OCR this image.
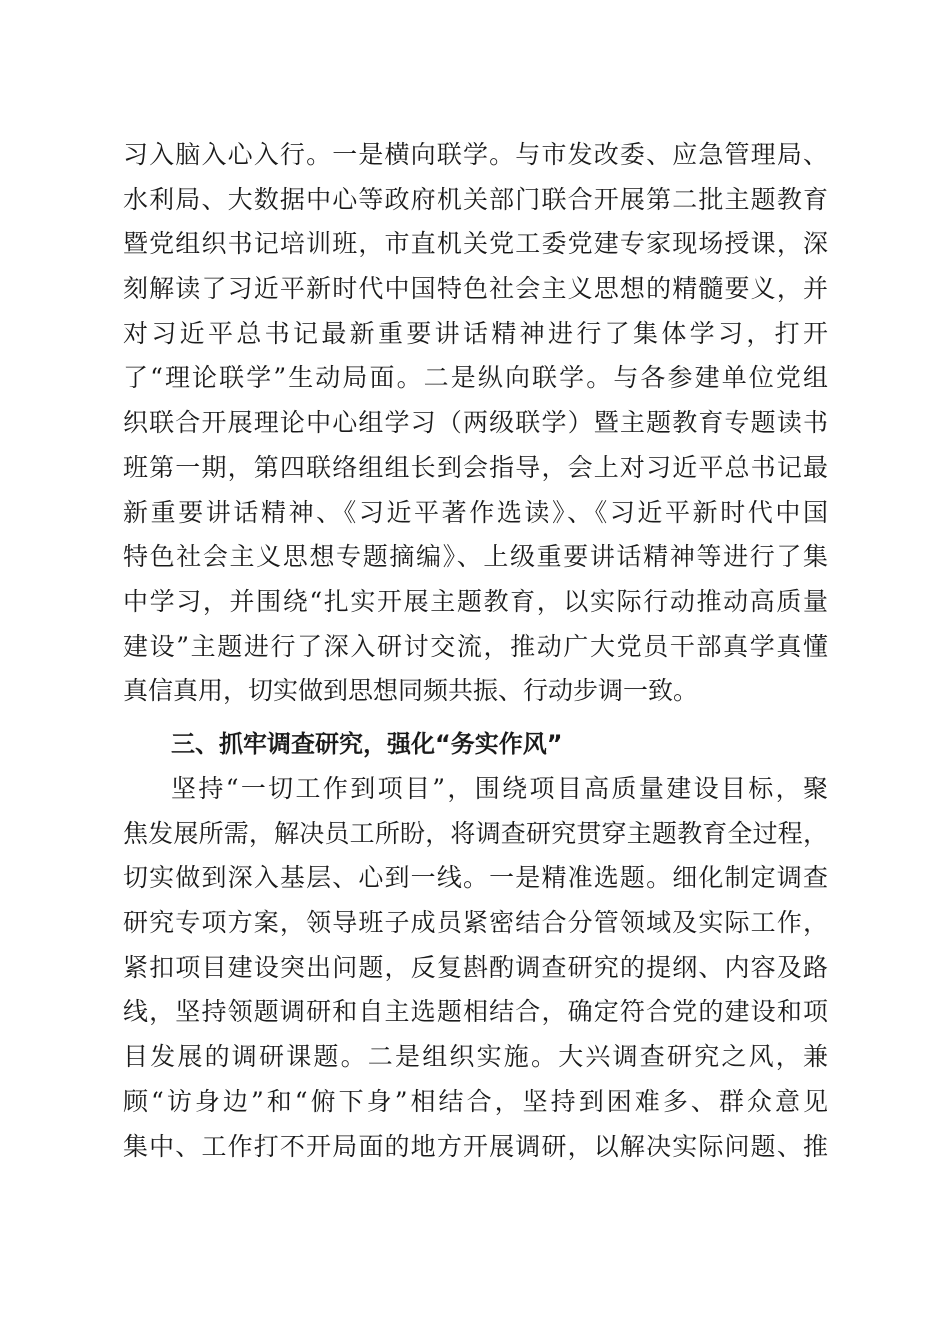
习入脑入心入行。一是横向联学。与市发改委、应急管理局、
水利局、大数据中心等政府机关部门联合开展第二批主题教育
暨党组织书记培训班，市直机关党工委党建专家现场授课，深
刻解读了习近平新时代中国特色社会主义思想的精髓要义，并
对习近平总书记最新重要讲话精神进行了集体学习，打开
了“理论联学”生动局面。二是纵向联学。与各参建单位党组
织联合开展理论中心组学习（两级联学）暨主题教育专题读书
班第一期，第四联络组组长到会指导，会上对习近平总书记最
新重要讲话精神、《习近平著作选读》、《习近平新时代中国
特色社会主义思想专题摘编》、上级重要讲话精神等进行了集
中学习，并围绕“扎实开展主题教育，以实际行动推动高质量
建设”主题进行了深入研讨交流，推动广大党员干部真学真懂
真信真用，切实做到思想同频共振、行动步调一致。
三、抓牢调查研究，强化“务实作风”
坚持“一切工作到项目”，围绕项目高质量建设目标，聚
焦发展所需，解决员工所盼，将调查研究贯穿主题教育全过程，
切实做到深入基层、心到一线。一是精准选题。细化制定调查
研究专项方案，领导班子成员紧密结合分管领域及实际工作，
紧扣项目建设突出问题，反复斟酌调查研究的提纲、内容及路
线，坚持领题调研和自主选题相结合，确定符合党的建设和项
目发展的调研课题。二是组织实施。大兴调查研究之风，兼
顾“访身边”和“俯下身”相结合，坚持到困难多、群众意见
集中、工作打不开局面的地方开展调研，以解决实际问题、推
